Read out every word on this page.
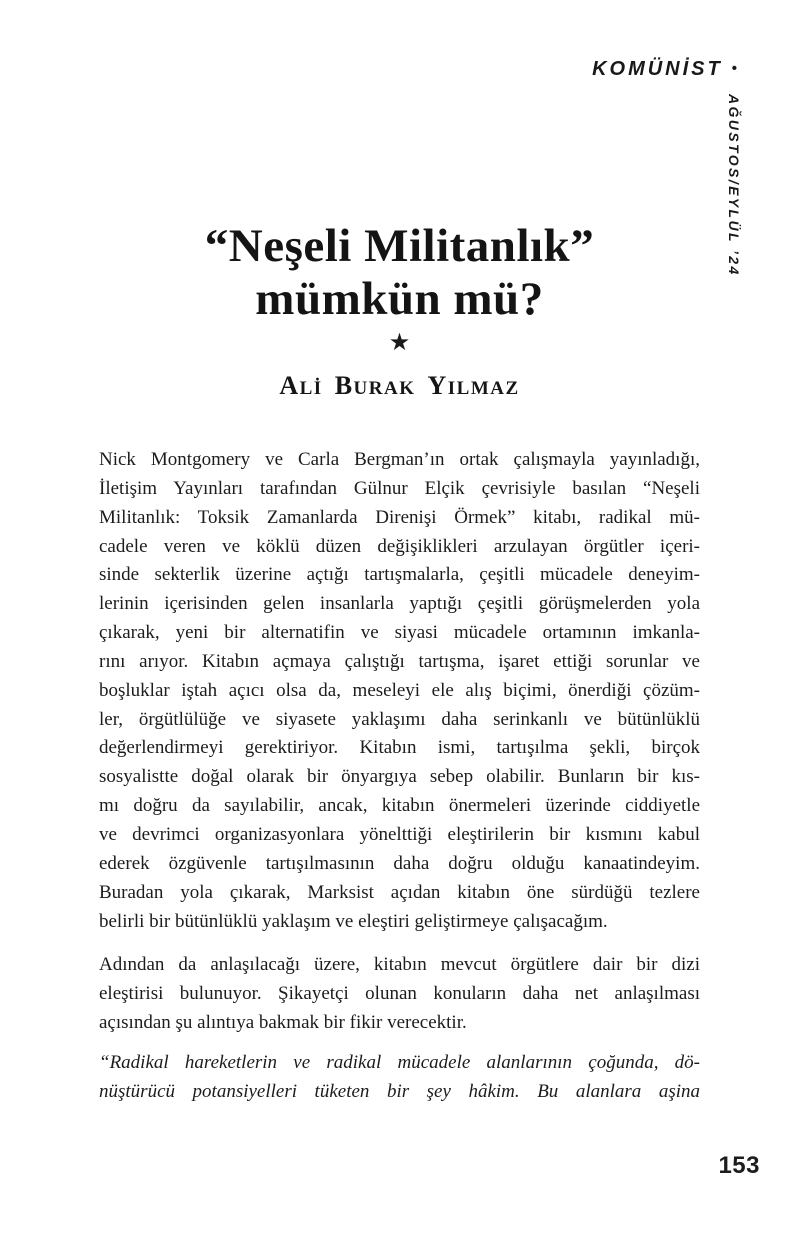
KOMÜNİST •
AĞUSTOS/EYLÜL ’24
“Neşeli Militanlık”
mümkün mü?
★
ALİ BURAK YILMAZ
Nick Montgomery ve Carla Bergman’ın ortak çalışmayla yayınladığı,
İletişim Yayınları tarafından Gülnur Elçik çevrisiyle basılan “Neşeli
Militanlık: Toksik Zamanlarda Direnişi Örmek” kitabı, radikal mü-
cadele veren ve köklü düzen değişiklikleri arzulayan örgütler içeri-
sinde sekterlik üzerine açtığı tartışmalarla, çeşitli mücadele deneyim-
lerinin içerisinden gelen insanlarla yaptığı çeşitli görüşmelerden yola
çıkarak, yeni bir alternatifin ve siyasi mücadele ortamının imkanla-
rını arıyor. Kitabın açmaya çalıştığı tartışma, işaret ettiği sorunlar ve
boşluklar iştah açıcı olsa da, meseleyi ele alış biçimi, önerdiği çözüm-
ler, örgütlülüğe ve siyasete yaklaşımı daha serinkanlı ve bütünlüklü
değerlendirmeyi gerektiriyor. Kitabın ismi, tartışılma şekli, birçok
sosyalistte doğal olarak bir önyargıya sebep olabilir. Bunların bir kıs-
mı doğru da sayılabilir, ancak, kitabın önermeleri üzerinde ciddiyetle
ve devrimci organizasyonlara yönelttiği eleştirilerin bir kısmını kabul
ederek özgüvenle tartışılmasının daha doğru olduğu kanaatindeyim.
Buradan yola çıkarak, Marksist açıdan kitabın öne sürdüğü tezlere
belirli bir bütünlüklü yaklaşım ve eleştiri geliştirmeye çalışacağım.
Adından da anlaşılacağı üzere, kitabın mevcut örgütlere dair bir dizi
eleştirisi bulunuyor. Şikayetçi olunan konuların daha net anlaşılması
açısından şu alıntıya bakmak bir fikir verecektir.
“Radikal hareketlerin ve radikal mücadele alanlarının çoğunda, dö-
nüştürücü potansiyelleri tüketen bir şey hâkim. Bu alanlara aşina
153
